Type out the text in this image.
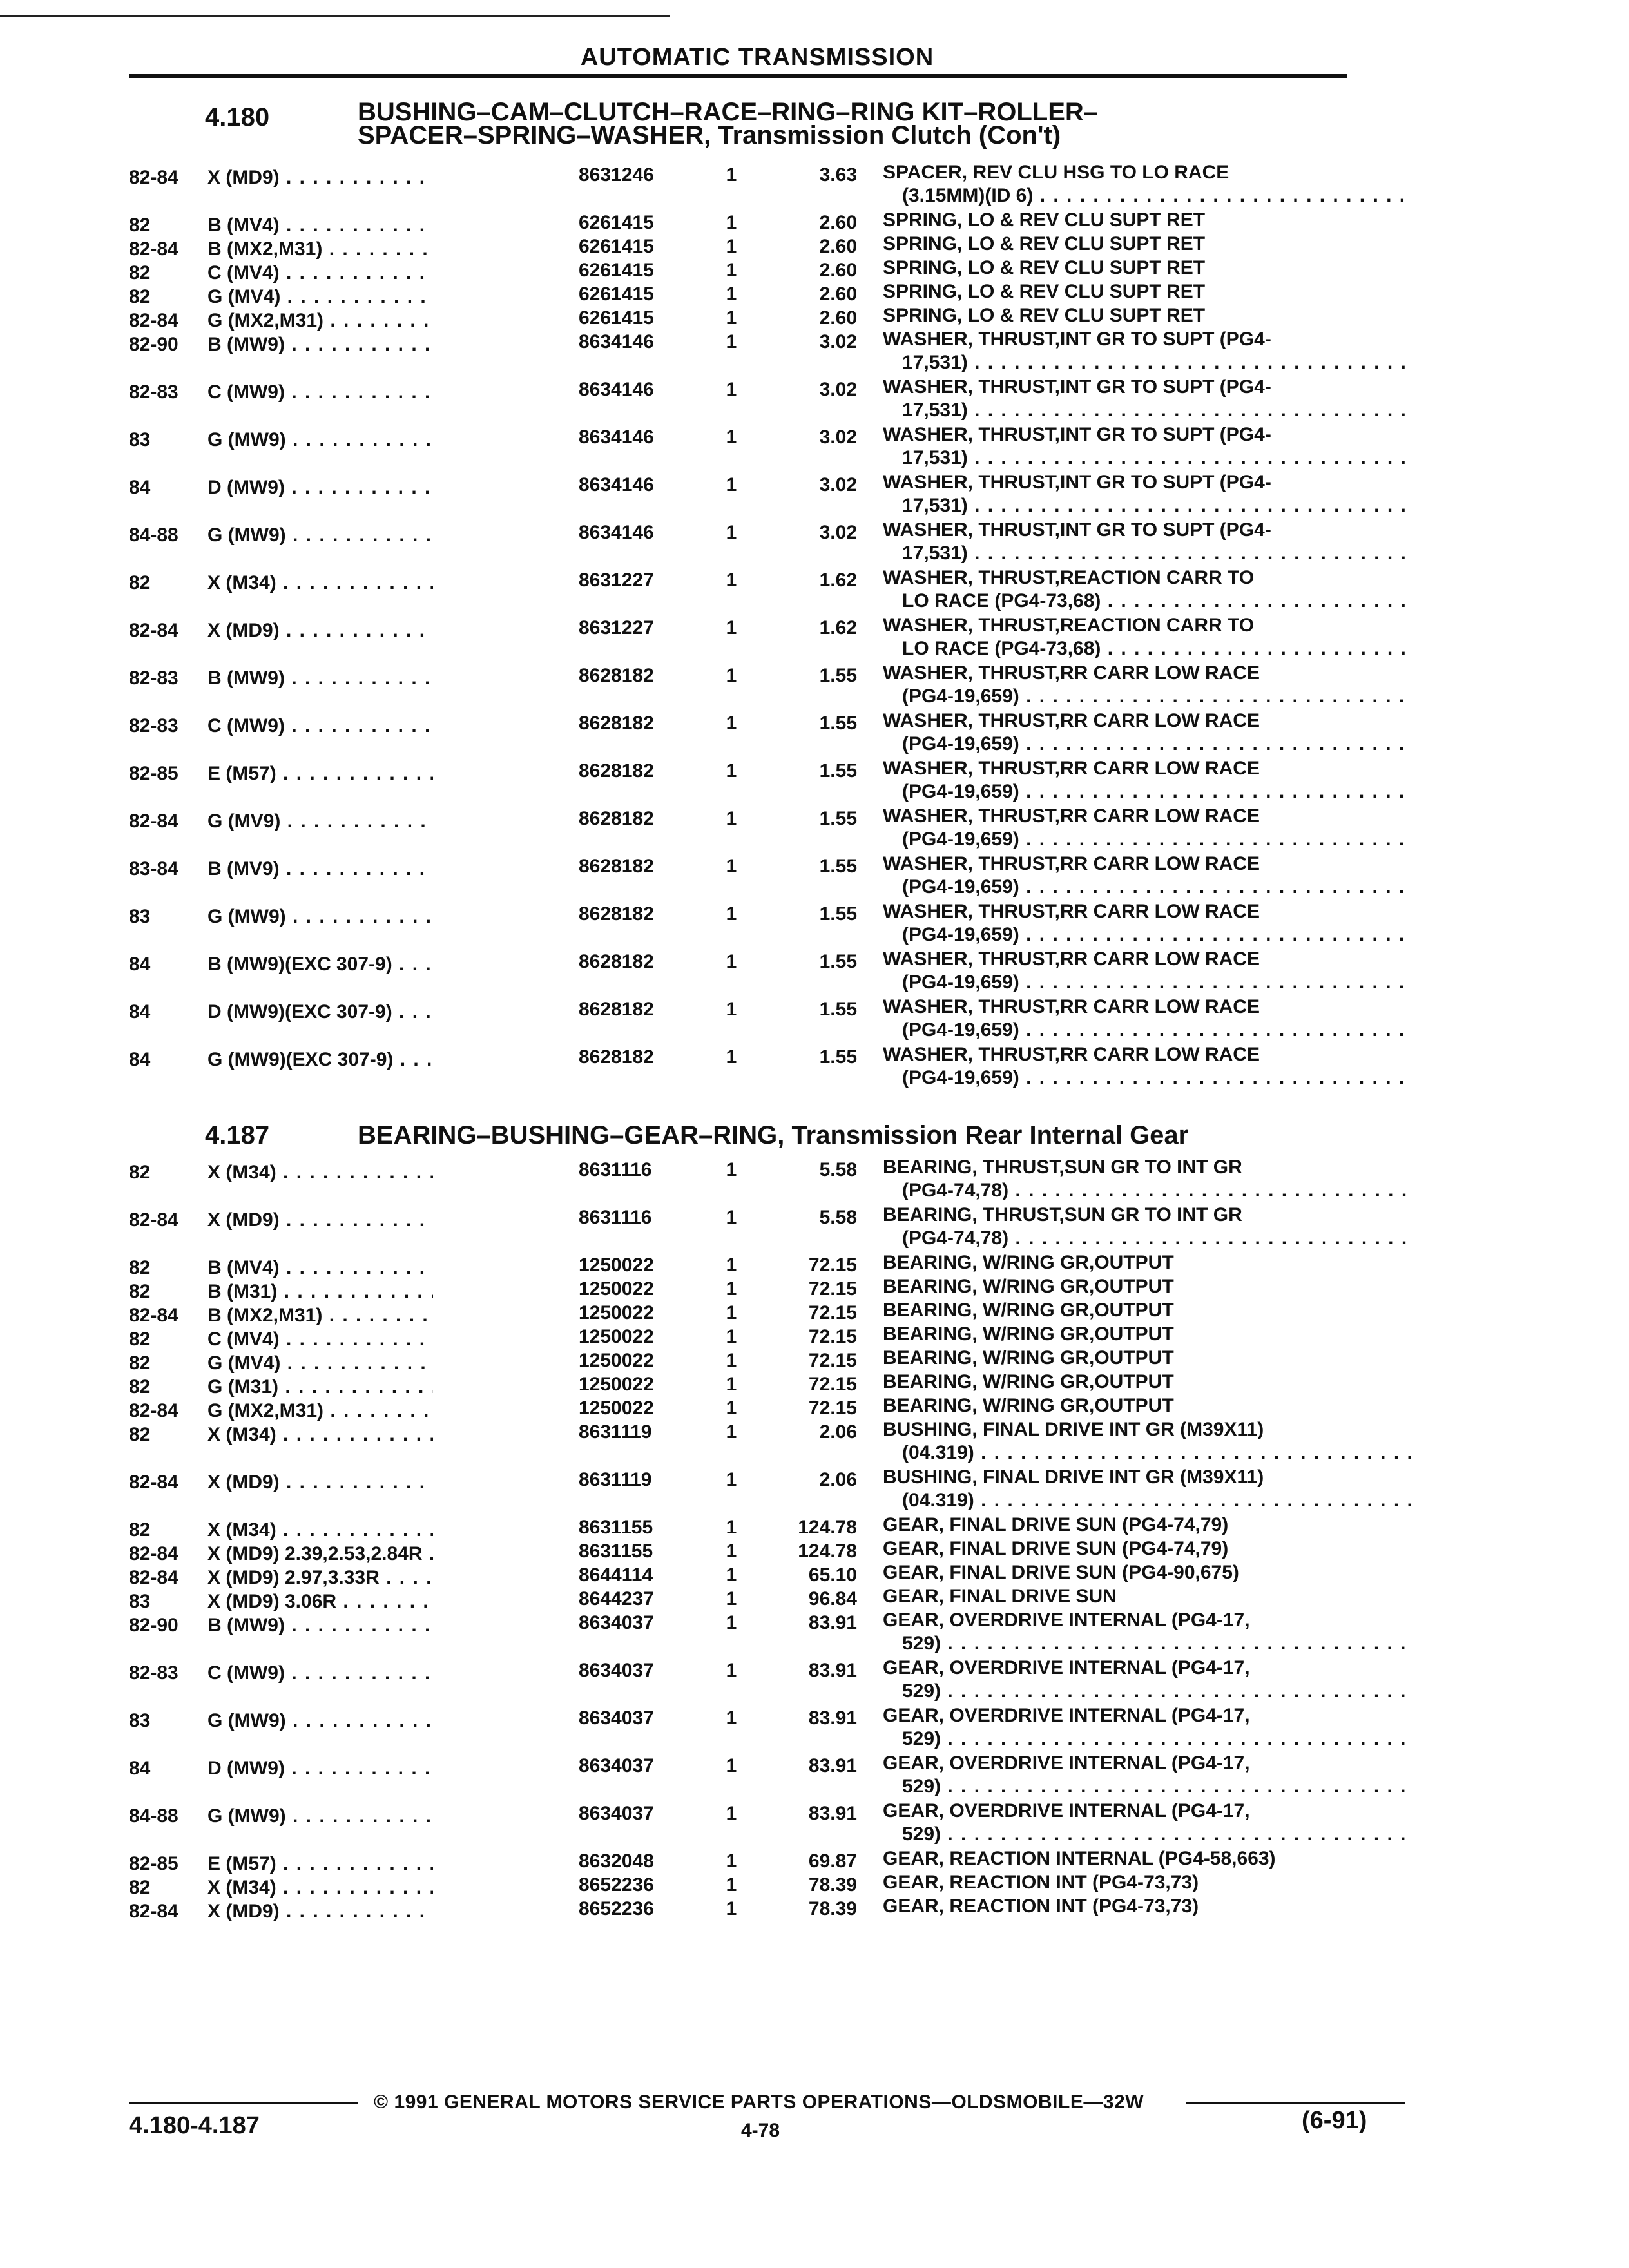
AUTOMATIC TRANSMISSION
4.180	BUSHING–CAM–CLUTCH–RACE–RING–RING KIT–ROLLER–
SPACER–SPRING–WASHER, Transmission Clutch (Con't)
82-84	X (MD9) . . .	8631246	1	3.63 SPACER, REV CLU HSG TO LO RACE
(3.15MM)(ID 6) . . .
82	B (MV4) . . .	6261415	1	2.60 SPRING, LO & REV CLU SUPT RET
82-84	B (MX2,M31) . . .	6261415	1	2.60 SPRING, LO & REV CLU SUPT RET
82	C (MV4) . . .	6261415	1	2.60 SPRING, LO & REV CLU SUPT RET
82	G (MV4) . . .	6261415	1	2.60 SPRING, LO & REV CLU SUPT RET
82-84	G (MX2,M31) . . .	6261415	1	2.60 SPRING, LO & REV CLU SUPT RET
82-90	B (MW9) . . .	8634146	1	3.02 WASHER, THRUST,INT GR TO SUPT (PG4-
17,531) . . .
82-83	C (MW9) . . .	8634146	1	3.02 WASHER, THRUST,INT GR TO SUPT (PG4-
17,531) . . .
83	G (MW9) . . .	8634146	1	3.02 WASHER, THRUST,INT GR TO SUPT (PG4-
17,531) . . .
84	D (MW9) . . .	8634146	1	3.02 WASHER, THRUST,INT GR TO SUPT (PG4-
17,531) . . .
84-88	G (MW9) . . .	8634146	1	3.02 WASHER, THRUST,INT GR TO SUPT (PG4-
17,531) . . .
82	X (M34) . . .	8631227	1	1.62 WASHER, THRUST,REACTION CARR TO
LO RACE (PG4-73,68) . . .
82-84	X (MD9) . . .	8631227	1	1.62 WASHER, THRUST,REACTION CARR TO
LO RACE (PG4-73,68) . . .
82-83	B (MW9) . . .	8628182	1	1.55 WASHER, THRUST,RR CARR LOW RACE
(PG4-19,659) . . .
82-83	C (MW9) . . .	8628182	1	1.55 WASHER, THRUST,RR CARR LOW RACE
(PG4-19,659) . . .
82-85	E (M57) . . .	8628182	1	1.55 WASHER, THRUST,RR CARR LOW RACE
(PG4-19,659) . . .
82-84	G (MV9) . . .	8628182	1	1.55 WASHER, THRUST,RR CARR LOW RACE
(PG4-19,659) . . .
83-84	B (MV9) . . .	8628182	1	1.55 WASHER, THRUST,RR CARR LOW RACE
(PG4-19,659) . . .
83	G (MW9) . . .	8628182	1	1.55 WASHER, THRUST,RR CARR LOW RACE
(PG4-19,659) . . .
84	B (MW9)(EXC 307-9) . . .	8628182	1	1.55 WASHER, THRUST,RR CARR LOW RACE
(PG4-19,659) . . .
84	D (MW9)(EXC 307-9) . . .	8628182	1	1.55 WASHER, THRUST,RR CARR LOW RACE
(PG4-19,659) . . .
84	G (MW9)(EXC 307-9) . . .	8628182	1	1.55 WASHER, THRUST,RR CARR LOW RACE
(PG4-19,659) . . .
4.187	BEARING–BUSHING–GEAR–RING, Transmission Rear Internal Gear
82	X (M34) . . .	8631116	1	5.58 BEARING, THRUST,SUN GR TO INT GR
(PG4-74,78) . . .
82-84	X (MD9) . . .	8631116	1	5.58 BEARING, THRUST,SUN GR TO INT GR
(PG4-74,78) . . .
82	B (MV4) . . .	1250022	1	72.15 BEARING, W/RING GR,OUTPUT
82	B (M31) . . .	1250022	1	72.15 BEARING, W/RING GR,OUTPUT
82-84	B (MX2,M31) . . .	1250022	1	72.15 BEARING, W/RING GR,OUTPUT
82	C (MV4) . . .	1250022	1	72.15 BEARING, W/RING GR,OUTPUT
82	G (MV4) . . .	1250022	1	72.15 BEARING, W/RING GR,OUTPUT
82	G (M31) . . .	1250022	1	72.15 BEARING, W/RING GR,OUTPUT
82-84	G (MX2,M31) . . .	1250022	1	72.15 BEARING, W/RING GR,OUTPUT
82	X (M34) . . .	8631119	1	2.06 BUSHING, FINAL DRIVE INT GR (M39X11)
(04.319) . . .
82-84	X (MD9) . . .	8631119	1	2.06 BUSHING, FINAL DRIVE INT GR (M39X11)
(04.319) . . .
82	X (M34) . . .	8631155	1	124.78 GEAR, FINAL DRIVE SUN (PG4-74,79)
82-84	X (MD9) 2.39,2.53,2.84R . . .	8631155	1	124.78 GEAR, FINAL DRIVE SUN (PG4-74,79)
82-84	X (MD9) 2.97,3.33R . . .	8644114	1	65.10 GEAR, FINAL DRIVE SUN (PG4-90,675)
83	X (MD9) 3.06R . . .	8644237	1	96.84 GEAR, FINAL DRIVE SUN
82-90	B (MW9) . . .	8634037	1	83.91 GEAR, OVERDRIVE INTERNAL (PG4-17,
529) . . .
82-83	C (MW9) . . .	8634037	1	83.91 GEAR, OVERDRIVE INTERNAL (PG4-17,
529) . . .
83	G (MW9) . . .	8634037	1	83.91 GEAR, OVERDRIVE INTERNAL (PG4-17,
529) . . .
84	D (MW9) . . .	8634037	1	83.91 GEAR, OVERDRIVE INTERNAL (PG4-17,
529) . . .
84-88	G (MW9) . . .	8634037	1	83.91 GEAR, OVERDRIVE INTERNAL (PG4-17,
529) . . .
82-85	E (M57) . . .	8632048	1	69.87 GEAR, REACTION INTERNAL (PG4-58,663)
82	X (M34) . . .	8652236	1	78.39 GEAR, REACTION INT (PG4-73,73)
82-84	X (MD9) . . .	8652236	1	78.39 GEAR, REACTION INT (PG4-73,73)
© 1991 GENERAL MOTORS SERVICE PARTS OPERATIONS—OLDSMOBILE—32W
4.180-4.187	4-78	(6-91)
